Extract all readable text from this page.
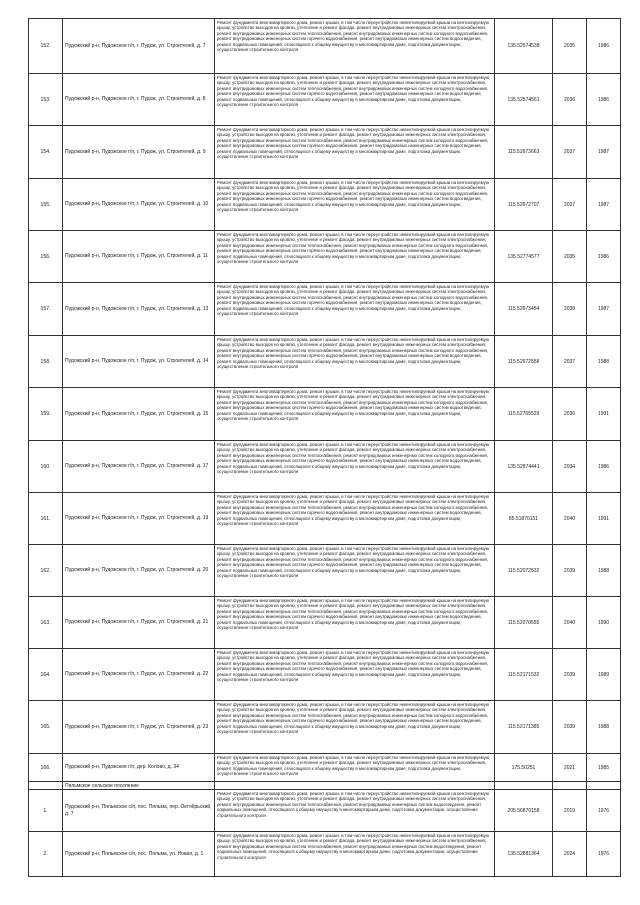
152.	Пудожский р-н, Пудожское г/п, г. Пудож, ул. Строителей, д. 7	Ремонт фундамента многоквартирного дома, ремонт крыши, в том числе переустройство невентилируемой крыши на вентилируемую крышу, устройство выходов на кровлю, утепление и ремонт фасада, ремонт внутридомовых инженерных систем электроснабжения, ремонт внутридомовых инженерных систем теплоснабжения, ремонт внутридомовых инженерных систем холодного водоснабжения, ремонт внутридомовых инженерных систем горячего водоснабжения, ремонт внутридомовых инженерных систем водоотведения, ремонт подвальных помещений, относящихся к общему имуществу в многоквартирном доме, подготовка документации, осуществление строительного контроля	135.52574538	2035	1986
153.	Пудожский р-н, Пудожское г/п, г. Пудож, ул. Строителей, д. 8	Ремонт фундамента многоквартирного дома, ремонт крыши, в том числе переустройство невентилируемой крыши на вентилируемую крышу, устройство выходов на кровлю, утепление и ремонт фасада, ремонт внутридомовых инженерных систем электроснабжения, ремонт внутридомовых инженерных систем теплоснабжения, ремонт внутридомовых инженерных систем холодного водоснабжения, ремонт внутридомовых инженерных систем горячего водоснабжения, ремонт внутридомовых инженерных систем водоотведения, ремонт подвальных помещений, относящихся к общему имуществу в многоквартирном доме, подготовка документации, осуществление строительного контроля	135.52574561	2036	1986
154.	Пудожский р-н, Пудожское г/п, г. Пудож, ул. Строителей, д. 9	Ремонт фундамента многоквартирного дома, ремонт крыши, в том числе переустройство невентилируемой крыши на вентилируемую крышу, устройство выходов на кровлю, утепление и ремонт фасада, ремонт внутридомовых инженерных систем электроснабжения, ремонт внутридомовых инженерных систем теплоснабжения, ремонт внутридомовых инженерных систем холодного водоснабжения, ремонт внутридомовых инженерных систем горячего водоснабжения, ремонт внутридомовых инженерных систем водоотведения, ремонт подвальных помещений, относящихся к общему имуществу в многоквартирном доме, подготовка документации, осуществление строительного контроля	115.52673663	2037	1987
155.	Пудожский р-н, Пудожское г/п, г. Пудож, ул. Строителей, д. 10	Ремонт фундамента многоквартирного дома, ремонт крыши, в том числе переустройство невентилируемой крыши на вентилируемую крышу, устройство выходов на кровлю, утепление и ремонт фасада, ремонт внутридомовых инженерных систем электроснабжения, ремонт внутридомовых инженерных систем теплоснабжения, ремонт внутридомовых инженерных систем холодного водоснабжения, ремонт внутридомовых инженерных систем горячего водоснабжения, ремонт внутридомовых инженерных систем водоотведения, ремонт подвальных помещений, относящихся к общему имуществу в многоквартирном доме, подготовка документации, осуществление строительного контроля	115.52672707	2037	1987
156.	Пудожский р-н, Пудожское г/п, г. Пудож, ул. Строителей, д. 11	Ремонт фундамента многоквартирного дома, ремонт крыши, в том числе переустройство невентилируемой крыши на вентилируемую крышу, устройство выходов на кровлю, утепление и ремонт фасада, ремонт внутридомовых инженерных систем электроснабжения, ремонт внутридомовых инженерных систем теплоснабжения, ремонт внутридомовых инженерных систем холодного водоснабжения, ремонт внутридомовых инженерных систем горячего водоснабжения, ремонт внутридомовых инженерных систем водоотведения, ремонт подвальных помещений, относящихся к общему имуществу в многоквартирном доме, подготовка документации, осуществление строительного контроля	135.52774577	2035	1986
157.	Пудожский р-н, Пудожское г/п, г. Пудож, ул. Строителей, д. 13	Ремонт фундамента многоквартирного дома, ремонт крыши, в том числе переустройство невентилируемой крыши на вентилируемую крышу, устройство выходов на кровлю, утепление и ремонт фасада, ремонт внутридомовых инженерных систем электроснабжения, ремонт внутридомовых инженерных систем теплоснабжения, ремонт внутридомовых инженерных систем холодного водоснабжения, ремонт внутридомовых инженерных систем горячего водоснабжения, ремонт внутридомовых инженерных систем водоотведения, ремонт подвальных помещений, относящихся к общему имуществу в многоквартирном доме, подготовка документации, осуществление строительного контроля	115.52673454	2038	1987
158.	Пудожский р-н, Пудожское г/п, г. Пудож, ул. Строителей, д. 14	Ремонт фундамента многоквартирного дома, ремонт крыши, в том числе переустройство невентилируемой крыши на вентилируемую крышу, устройство выходов на кровлю, утепление и ремонт фасада, ремонт внутридомовых инженерных систем электроснабжения, ремонт внутридомовых инженерных систем теплоснабжения, ремонт внутридомовых инженерных систем холодного водоснабжения, ремонт внутридомовых инженерных систем горячего водоснабжения, ремонт внутридомовых инженерных систем водоотведения, ремонт подвальных помещений, относящихся к общему имуществу в многоквартирном доме, подготовка документации, осуществление строительного контроля	115.52672558	2037	1988
159.	Пудожский р-н, Пудожское г/п, г. Пудож, ул. Строителей, д. 15	Ремонт фундамента многоквартирного дома, ремонт крыши, в том числе переустройство невентилируемой крыши на вентилируемую крышу, устройство выходов на кровлю, утепление и ремонт фасада, ремонт внутридомовых инженерных систем электроснабжения, ремонт внутридомовых инженерных систем теплоснабжения, ремонт внутридомовых инженерных систем холодного водоснабжения, ремонт внутридомовых инженерных систем горячего водоснабжения, ремонт внутридомовых инженерных систем водоотведения, ремонт подвальных помещений, относящихся к общему имуществу в многоквартирном доме, подготовка документации, осуществление строительного контроля	115.52765529	2036	1991
160.	Пудожский р-н, Пудожское г/п, г. Пудож, ул. Строителей, д. 17	Ремонт фундамента многоквартирного дома, ремонт крыши, в том числе переустройство невентилируемой крыши на вентилируемую крышу, устройство выходов на кровлю, утепление и ремонт фасада, ремонт внутридомовых инженерных систем электроснабжения, ремонт внутридомовых инженерных систем теплоснабжения, ремонт внутридомовых инженерных систем холодного водоснабжения, ремонт внутридомовых инженерных систем горячего водоснабжения, ремонт внутридомовых инженерных систем водоотведения, ремонт подвальных помещений, относящихся к общему имуществу в многоквартирном доме, подготовка документации, осуществление строительного контроля	135.52874441	2034	1986
161.	Пудожский р-н, Пудожское г/п, г. Пудож, ул. Строителей, д. 19	Ремонт фундамента многоквартирного дома, ремонт крыши, в том числе переустройство невентилируемой крыши на вентилируемую крышу, устройство выходов на кровлю, утепление и ремонт фасада, ремонт внутридомовых инженерных систем электроснабжения, ремонт внутридомовых инженерных систем теплоснабжения, ремонт внутридомовых инженерных систем холодного водоснабжения, ремонт внутридомовых инженерных систем горячего водоснабжения, ремонт внутридомовых инженерных систем водоотведения, ремонт подвальных помещений, относящихся к общему имуществу в многоквартирном доме, подготовка документации, осуществление строительного контроля	85.51870151	2040	1991
162.	Пудожский р-н, Пудожское г/п, г. Пудож, ул. Строителей, д. 20	Ремонт фундамента многоквартирного дома, ремонт крыши, в том числе переустройство невентилируемой крыши на вентилируемую крышу, устройство выходов на кровлю, утепление и ремонт фасада, ремонт внутридомовых инженерных систем электроснабжения, ремонт внутридомовых инженерных систем теплоснабжения, ремонт внутридомовых инженерных систем холодного водоснабжения, ремонт внутридомовых инженерных систем горячего водоснабжения, ремонт внутридомовых инженерных систем водоотведения, ремонт подвальных помещений, относящихся к общему имуществу в многоквартирном доме, подготовка документации, осуществление строительного контроля	115.52072532	2039	1988
163.	Пудожский р-н, Пудожское г/п, г. Пудож, ул. Строителей, д. 21	Ремонт фундамента многоквартирного дома, ремонт крыши, в том числе переустройство невентилируемой крыши на вентилируемую крышу, устройство выходов на кровлю, утепление и ремонт фасада, ремонт внутридомовых инженерных систем электроснабжения, ремонт внутридомовых инженерных систем теплоснабжения, ремонт внутридомовых инженерных систем холодного водоснабжения, ремонт внутридомовых инженерных систем горячего водоснабжения, ремонт внутридомовых инженерных систем водоотведения, ремонт подвальных помещений, относящихся к общему имуществу в многоквартирном доме, подготовка документации, осуществление строительного контроля	115.52070555	2040	1990
164.	Пудожский р-н, Пудожское г/п, г. Пудож, ул. Строителей, д. 22	Ремонт фундамента многоквартирного дома, ремонт крыши, в том числе переустройство невентилируемой крыши на вентилируемую крышу, устройство выходов на кровлю, утепление и ремонт фасада, ремонт внутридомовых инженерных систем электроснабжения, ремонт внутридомовых инженерных систем теплоснабжения, ремонт внутридомовых инженерных систем холодного водоснабжения, ремонт внутридомовых инженерных систем горячего водоснабжения, ремонт внутридомовых инженерных систем водоотведения, ремонт подвальных помещений, относящихся к общему имуществу в многоквартирном доме, подготовка документации, осуществление строительного контроля	115.52171532	2039	1989
165.	Пудожский р-н, Пудожское г/п, г. Пудож, ул. Строителей, д. 23	Ремонт фундамента многоквартирного дома, ремонт крыши, в том числе переустройство невентилируемой крыши на вентилируемую крышу, устройство выходов на кровлю, утепление и ремонт фасада, ремонт внутридомовых инженерных систем электроснабжения, ремонт внутридомовых инженерных систем теплоснабжения, ремонт внутридомовых инженерных систем холодного водоснабжения, ремонт внутридомовых инженерных систем горячего водоснабжения, ремонт внутридомовых инженерных систем водоотведения, ремонт подвальных помещений, относящихся к общему имуществу в многоквартирном доме, подготовка документации, осуществление строительного контроля	115.52171385	2039	1988
166.	Пудожский р-н, Пудожское г/п, дер. Колово, д. 34	Ремонт фундамента многоквартирного дома, ремонт крыши, в том числе переустройство невентилируемой крыши на вентилируемую крышу, устройство выходов на кровлю, утепление и ремонт фасада, ремонт внутридомовых инженерных систем электроснабжения, ремонт подвальных помещений, относящихся к общему имуществу в многоквартирном доме, подготовка документации, осуществление строительного контроля	175.50251	2021	1985
	Пяльмское сельское поселение				
1.	Пудожский р-н, Пяльмское с/п, пос. Пяльма, пер. Октябрьский, д. 7	Ремонт фундамента многоквартирного дома, ремонт крыши, в том числе переустройство невентилируемой крыши на вентилируемую крышу, устройство выходов на кровлю, утепление и ремонт фасада, ремонт внутридомовых инженерных систем электроснабжения, ремонт внутридомовых инженерных систем теплоснабжения, ремонт внутридомовых инженерных систем водоотведения, ремонт подвальных помещений, относящихся к общему имуществу в многоквартирном доме, подготовка документации, осуществление строительного контроля	205.56870158	2019	1976
2.	Пудожский р-н, Пяльмское с/п, пос. Пяльма, ул. Новая, д. 1	Ремонт фундамента многоквартирного дома, ремонт крыши, в том числе переустройство невентилируемой крыши на вентилируемую крышу, устройство выходов на кровлю, утепление и ремонт фасада, ремонт внутридомовых инженерных систем электроснабжения, ремонт внутридомовых инженерных систем теплоснабжения, ремонт внутридомовых инженерных систем водоотведения, ремонт подвальных помещений, относящихся к общему имуществу в многоквартирном доме, подготовка документации, осуществление строительного контроля	135.52881364	2024	1976
